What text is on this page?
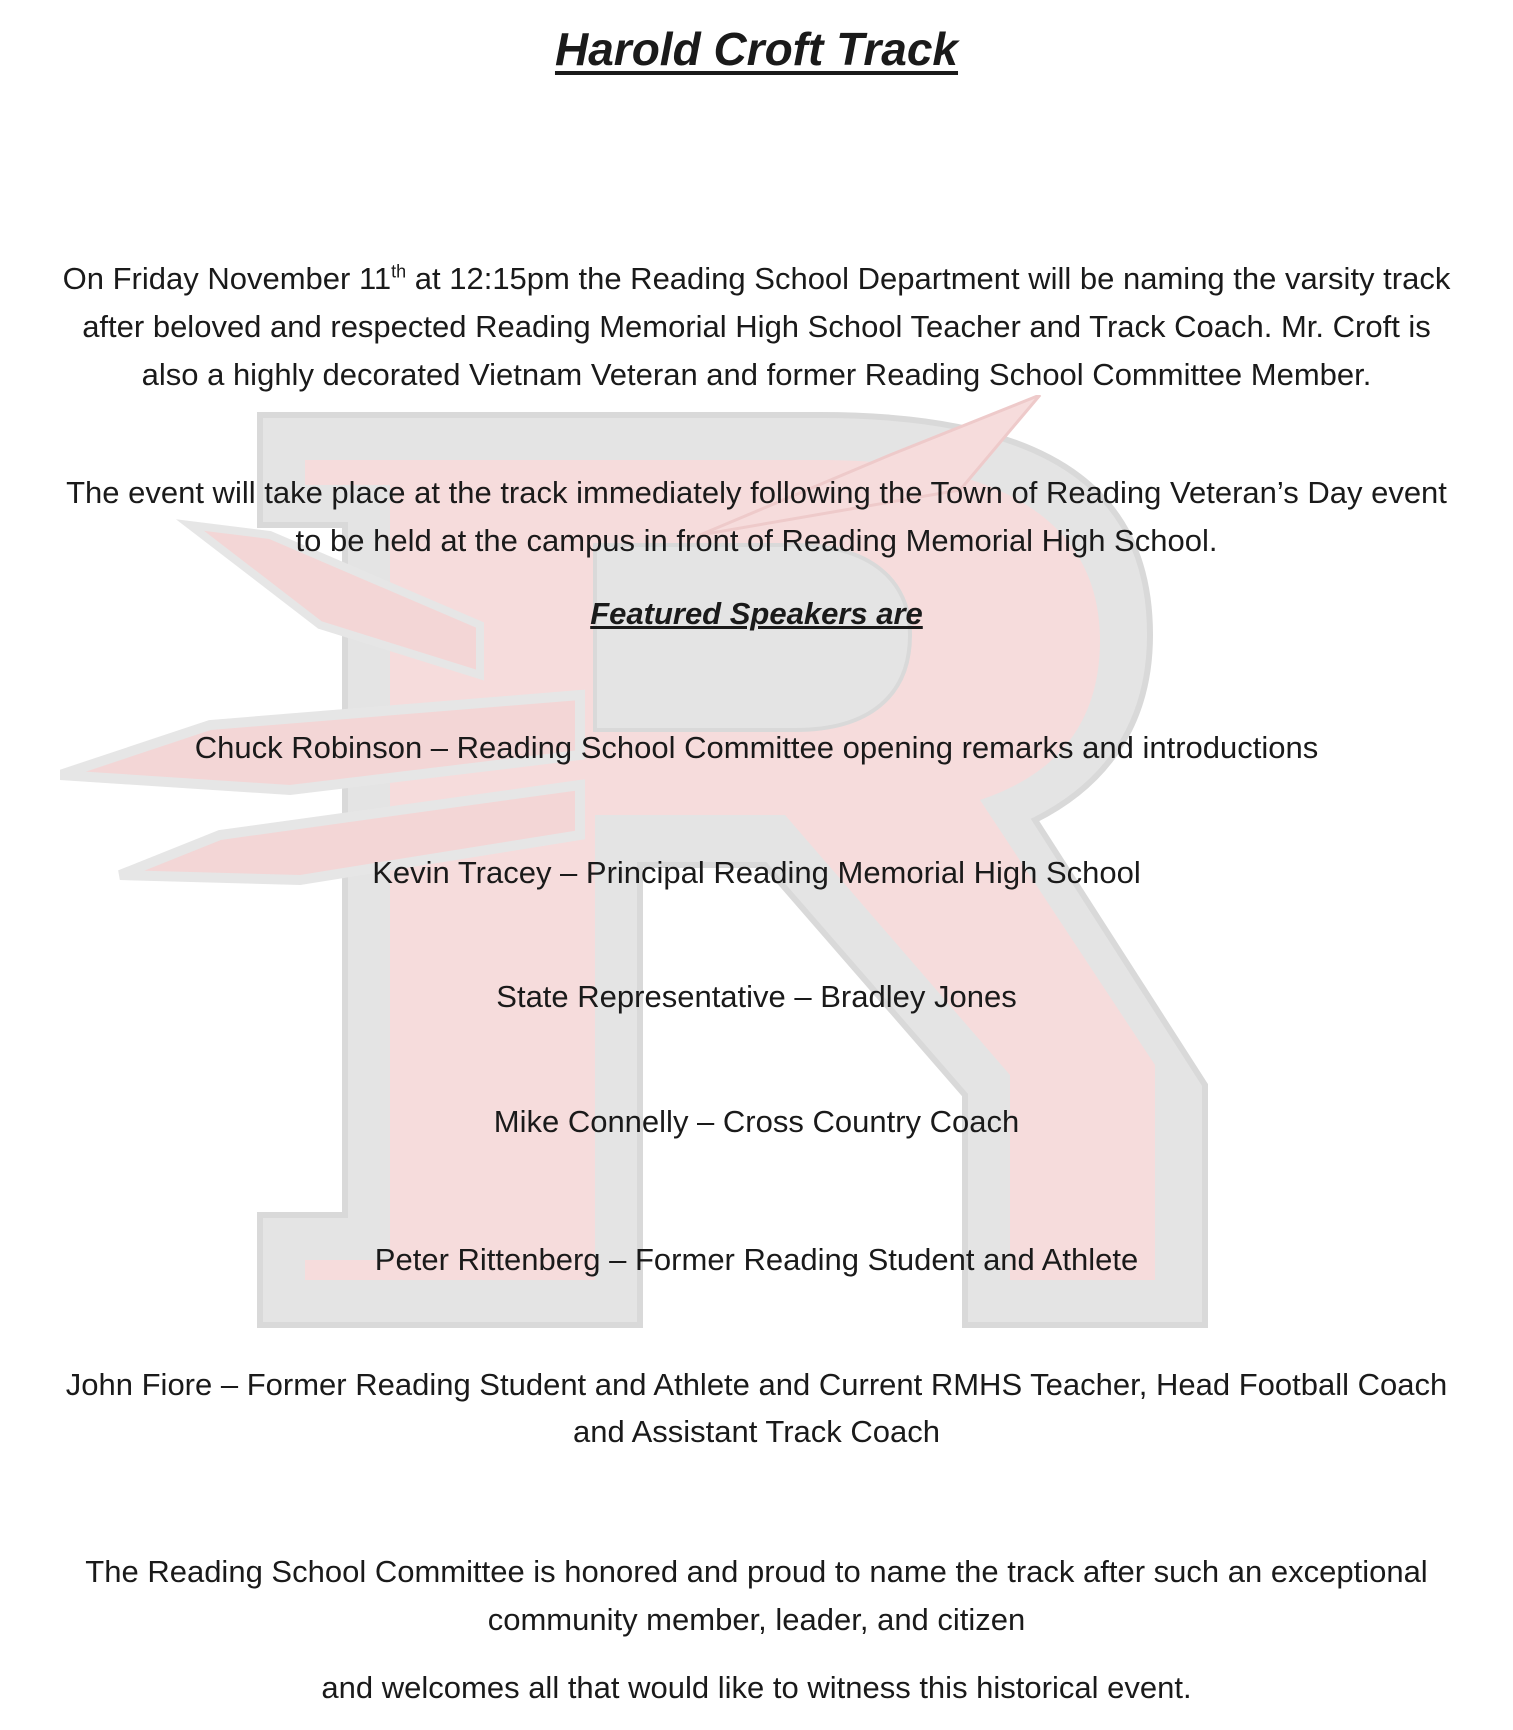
Harold Croft Track

On Friday November 11th at 12:15pm the Reading School Department will be naming the varsity track after beloved and respected Reading Memorial High School Teacher and Track Coach. Mr. Croft is also a highly decorated Vietnam Veteran and former Reading School Committee Member.

The event will take place at the track immediately following the Town of Reading Veteran’s Day event to be held at the campus in front of Reading Memorial High School.

Featured Speakers are

Chuck Robinson – Reading School Committee opening remarks and introductions

Kevin Tracey – Principal Reading Memorial High School

State Representative – Bradley Jones

Mike Connelly – Cross Country Coach

Peter Rittenberg – Former Reading Student and Athlete

John Fiore – Former Reading Student and Athlete and Current RMHS Teacher, Head Football Coach and Assistant Track Coach

The Reading School Committee is honored and proud to name the track after such an exceptional community member, leader, and citizen

and welcomes all that would like to witness this historical event.
